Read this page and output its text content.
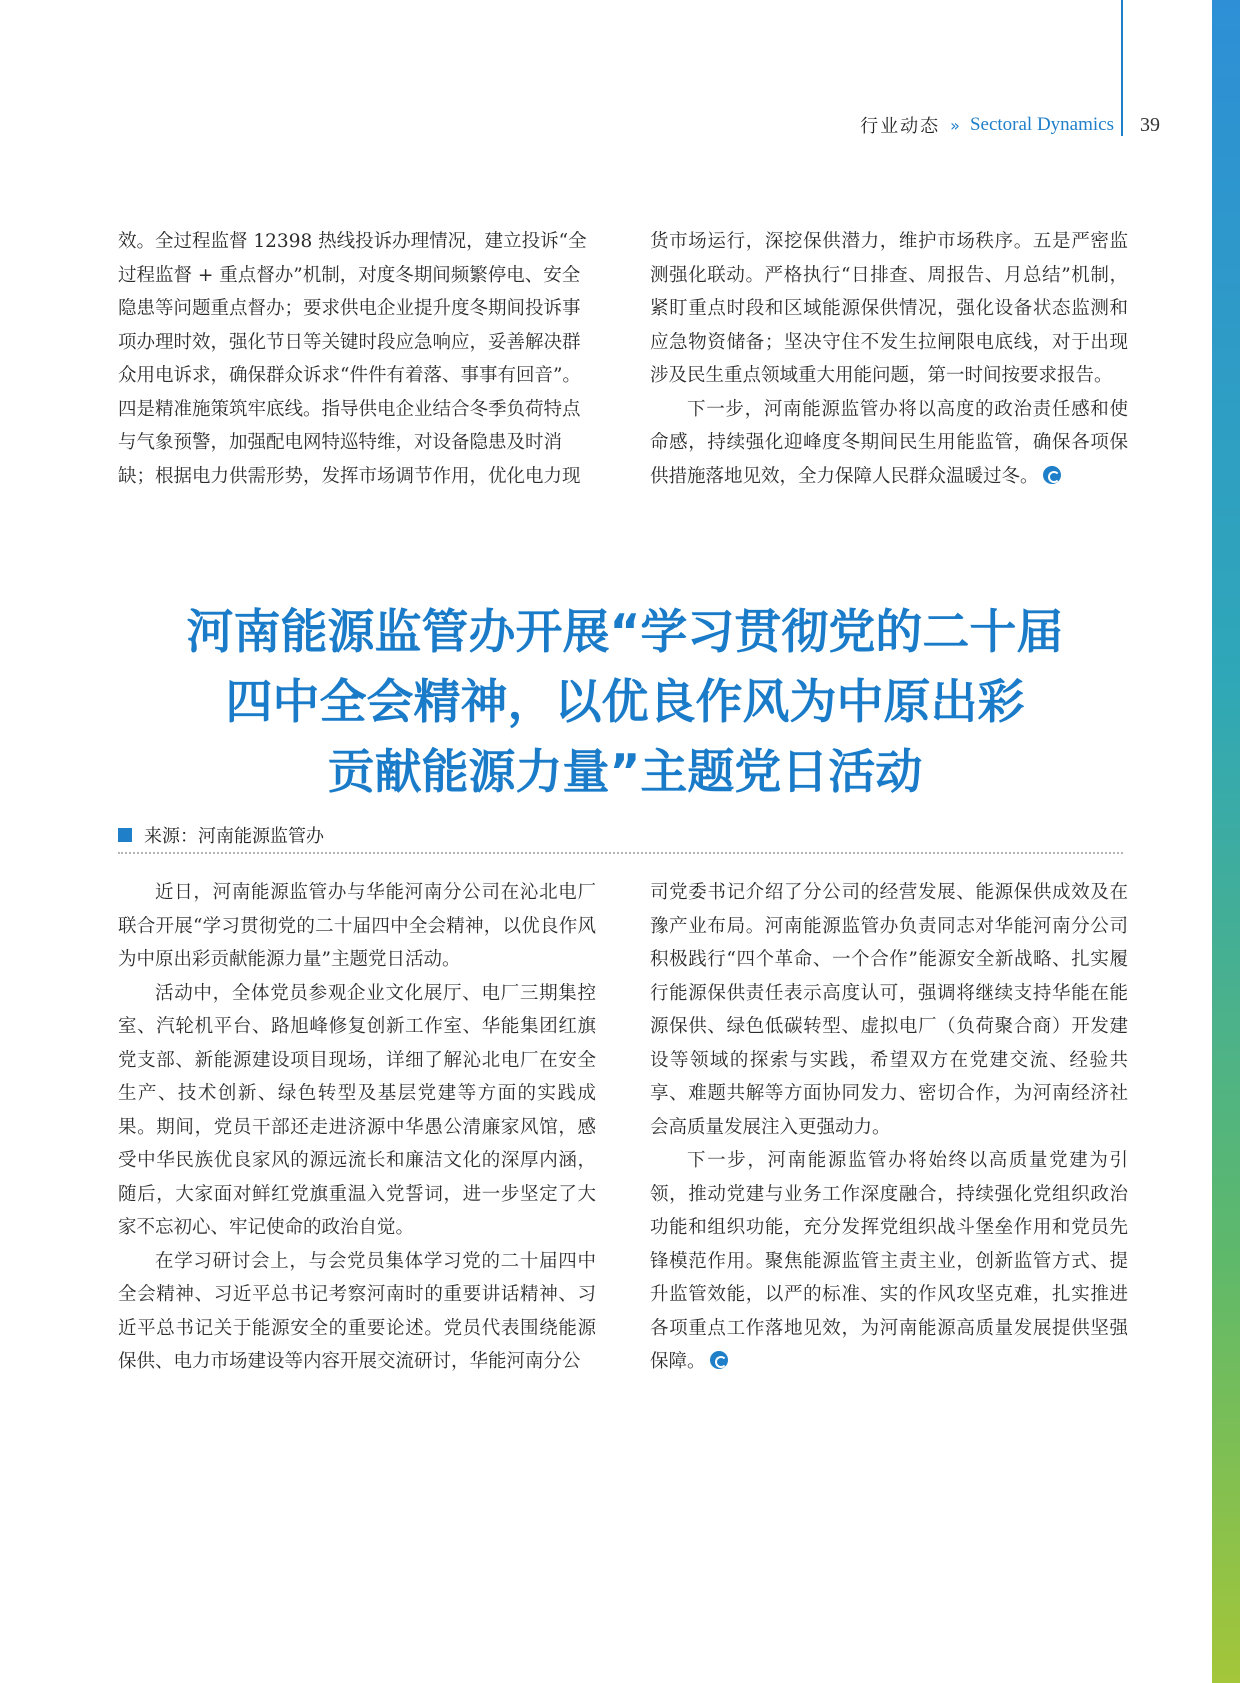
行业动态 » Sectoral Dynamics 39

效。全过程监督 12398 热线投诉办理情况，建立投诉“全

过程监督 + 重点督办”机制，对度冬期间频繁停电、安全

隐患等问题重点督办；要求供电企业提升度冬期间投诉事

项办理时效，强化节日等关键时段应急响应，妥善解决群

众用电诉求，确保群众诉求“件件有着落、事事有回音”。

四是精准施策筑牢底线。指导供电企业结合冬季负荷特点

与气象预警，加强配电网特巡特维，对设备隐患及时消

缺；根据电力供需形势，发挥市场调节作用，优化电力现

货市场运行，深挖保供潜力，维护市场秩序。五是严密监测强化联动。严格执行“日排查、周报告、月总结”机制，紧盯重点时段和区域能源保供情况，强化设备状态监测和应急物资储备；坚决守住不发生拉闸限电底线，对于出现涉及民生重点领域重大用能问题，第一时间按要求报告。

下一步，河南能源监管办将以高度的政治责任感和使命感，持续强化迎峰度冬期间民生用能监管，确保各项保供措施落地见效，全力保障人民群众温暖过冬。

河南能源监管办开展“学习贯彻党的二十届
四中全会精神，以优良作风为中原出彩
贡献能源力量”主题党日活动
来源：河南能源监管办

近日，河南能源监管办与华能河南分公司在沁北电厂联合开展“学习贯彻党的二十届四中全会精神，以优良作风为中原出彩贡献能源力量”主题党日活动。

活动中，全体党员参观企业文化展厅、电厂三期集控室、汽轮机平台、路旭峰修复创新工作室、华能集团红旗党支部、新能源建设项目现场，详细了解沁北电厂在安全生产、技术创新、绿色转型及基层党建等方面的实践成果。期间，党员干部还走进济源中华愚公清廉家风馆，感受中华民族优良家风的源远流长和廉洁文化的深厚内涵，随后，大家面对鲜红党旗重温入党誓词，进一步坚定了大家不忘初心、牢记使命的政治自觉。

在学习研讨会上，与会党员集体学习党的二十届四中全会精神、习近平总书记考察河南时的重要讲话精神、习近平总书记关于能源安全的重要论述。党员代表围绕能源保供、电力市场建设等内容开展交流研讨，华能河南分公

司党委书记介绍了分公司的经营发展、能源保供成效及在豫产业布局。河南能源监管办负责同志对华能河南分公司积极践行“四个革命、一个合作”能源安全新战略、扎实履行能源保供责任表示高度认可，强调将继续支持华能在能源保供、绿色低碳转型、虚拟电厂（负荷聚合商）开发建设等领域的探索与实践，希望双方在党建交流、经验共享、难题共解等方面协同发力、密切合作，为河南经济社会高质量发展注入更强动力。

下一步，河南能源监管办将始终以高质量党建为引领，推动党建与业务工作深度融合，持续强化党组织政治功能和组织功能，充分发挥党组织战斗堡垒作用和党员先锋模范作用。聚焦能源监管主责主业，创新监管方式、提升监管效能，以严的标准、实的作风攻坚克难，扎实推进各项重点工作落地见效，为河南能源高质量发展提供坚强保障。
